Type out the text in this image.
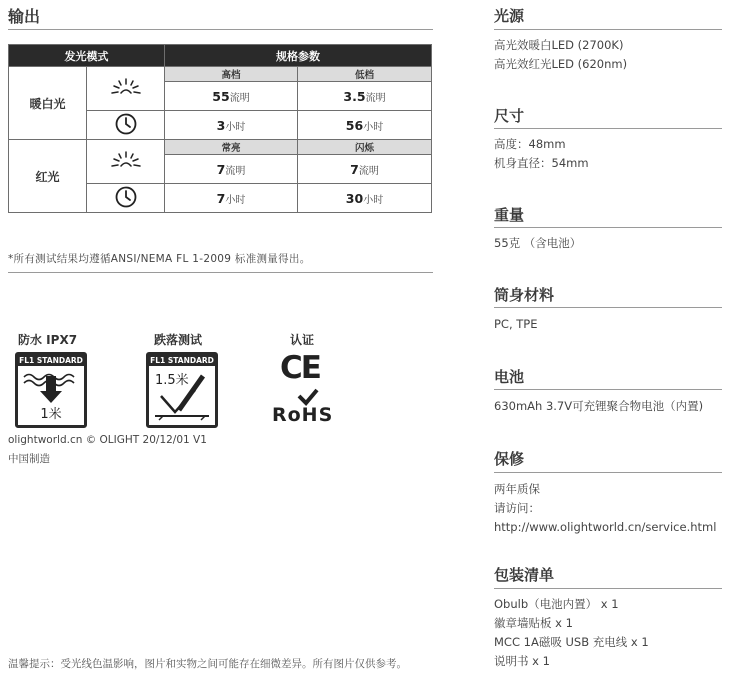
输出
发光模式		规格参数	
暖白光		高档	低档
		55流明	3.5流明
	3小时	56小时
红光		常亮	闪烁
		7流明	7流明
	7小时	30小时
*所有测试结果均遵循ANSI/NEMA FL 1-2009 标准测量得出。
防水 IPX7
FL1 STANDARD
1米
跌落测试
FL1 STANDARD
1.5米
认证
CE
RoHS
olightworld.cn © OLIGHT 20/12/01 V1
中国制造
温馨提示：受光线色温影响，图片和实物之间可能存在细微差异。所有图片仅供参考。
光源
高光效暖白LED (2700K)
高光效红光LED (620nm)
尺寸
高度：48mm
机身直径：54mm
重量
55克 （含电池）
筒身材料
PC, TPE
电池
630mAh 3.7V可充锂聚合物电池（内置)
保修
两年质保
请访问：
http://www.olightworld.cn/service.html
包装清单
Obulb（电池内置） x 1
徽章墙贴板 x 1
MCC 1A磁吸 USB 充电线 x 1
说明书 x 1
